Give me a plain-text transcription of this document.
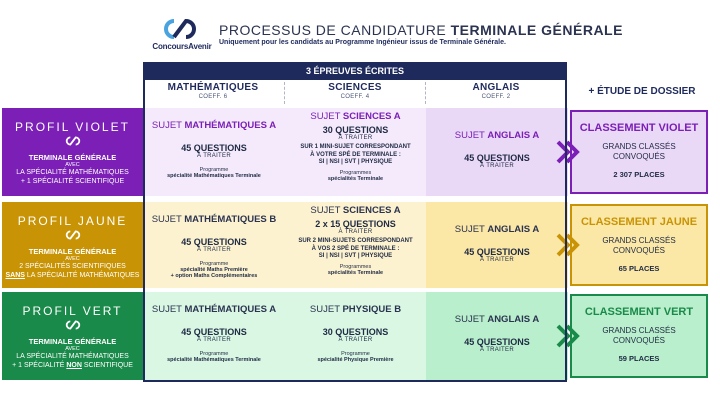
ConcoursAvenir
PROCESSUS DE CANDIDATURE TERMINALE GÉNÉRALE
Uniquement pour les candidats au Programme Ingénieur issus de Terminale Générale.
3 ÉPREUVES ÉCRITES
MATHÉMATIQUES
COEFF. 6
SCIENCES
COEFF. 4
ANGLAIS
COEFF. 2	+ ÉTUDE DE DOSSIER
PROFIL VIOLET
TERMINALE GÉNÉRALE
AVEC
LA SPÉCIALITÉ MATHÉMATIQUES
+ 1 SPÉCIALITÉ SCIENTIFIQUE
SUJET MATHÉMATIQUES A
45 QUESTIONS
À TRAITER
Programme
spécialité Mathématiques Terminale
SUJET SCIENCES A
30 QUESTIONS
À TRAITER
SUR 1 MINI-SUJET CORRESPONDANT
À VOTRE SPÉ DE TERMINALE :
SI | NSI | SVT | PHYSIQUE
Programmes
spécialités Terminale
SUJET ANGLAIS A
45 QUESTIONS
À TRAITER
CLASSEMENT VIOLET
GRANDS CLASSÉS
CONVOQUÉS
2 307 PLACES
PROFIL JAUNE
TERMINALE GÉNÉRALE
AVEC
2 SPÉCIALITÉS SCIENTIFIQUES
SANS LA SPÉCIALITÉ MATHÉMATIQUES
SUJET MATHÉMATIQUES B
45 QUESTIONS
À TRAITER
Programme
spécialité Maths Première
+ option Maths Complémentaires
SUJET SCIENCES A
2 x 15 QUESTIONS
À TRAITER
SUR 2 MINI-SUJETS CORRESPONDANT
À VOS 2 SPÉ DE TERMINALE :
SI | NSI | SVT | PHYSIQUE
Programmes
spécialités Terminale
SUJET ANGLAIS A
45 QUESTIONS
À TRAITER
CLASSEMENT JAUNE
GRANDS CLASSÉS
CONVOQUÉS
65 PLACES
PROFIL VERT
TERMINALE GÉNÉRALE
AVEC
LA SPÉCIALITÉ MATHÉMATIQUES
+ 1 SPÉCIALITÉ NON SCIENTIFIQUE
SUJET MATHÉMATIQUES A
45 QUESTIONS
À TRAITER
Programme
spécialité Mathématiques Terminale
SUJET PHYSIQUE B
30 QUESTIONS
À TRAITER
Programme
spécialité Physique Première
SUJET ANGLAIS A
45 QUESTIONS
À TRAITER
CLASSEMENT VERT
GRANDS CLASSÉS
CONVOQUÉS
59 PLACES
